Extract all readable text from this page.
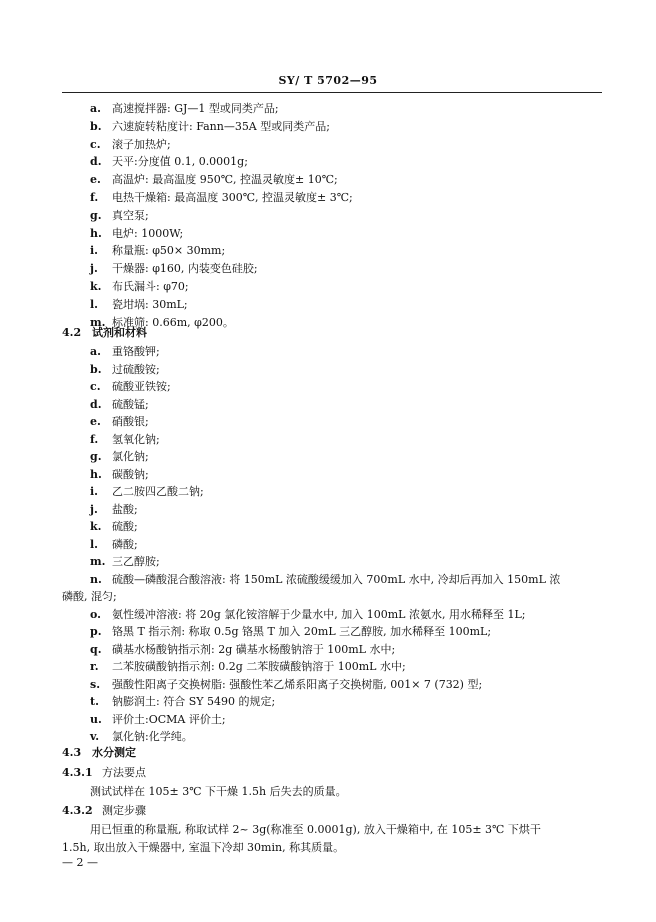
SY/ T 5702—95
a. 高速搅拌器: GJ—1 型或同类产品;
b. 六速旋转粘度计: Fann—35A 型或同类产品;
c. 滚子加热炉;
d. 天平:分度值 0.1, 0.0001g;
e. 高温炉: 最高温度 950℃, 控温灵敏度± 10℃;
f. 电热干燥箱: 最高温度 300℃, 控温灵敏度± 3℃;
g. 真空泵;
h. 电炉: 1000W;
i. 称量瓶: φ50× 30mm;
j. 干燥器: φ160, 内装变色硅胶;
k. 布氏漏斗: φ70;
l. 瓷坩埚: 30mL;
m. 标准筛: 0.66m, φ200。
4.2 试剂和材料
a. 重铬酸钾;
b. 过硫酸铵;
c. 硫酸亚铁铵;
d. 硫酸锰;
e. 硝酸银;
f. 氢氧化钠;
g. 氯化钠;
h. 碳酸钠;
i. 乙二胺四乙酸二钠;
j. 盐酸;
k. 硫酸;
l. 磷酸;
m. 三乙醇胺;
n. 硫酸—磷酸混合酸溶液: 将 150mL 浓硫酸缓缓加入 700mL 水中, 冷却后再加入 150mL 浓
磷酸, 混匀;
o. 氨性缓冲溶液: 将 20g 氯化铵溶解于少量水中, 加入 100mL 浓氨水, 用水稀释至 1L;
p. 铬黑 T 指示剂: 称取 0.5g 铬黑 T 加入 20mL 三乙醇胺, 加水稀释至 100mL;
q. 磺基水杨酸钠指示剂: 2g 磺基水杨酸钠溶于 100mL 水中;
r. 二苯胺磺酸钠指示剂: 0.2g 二苯胺磺酸钠溶于 100mL 水中;
s. 强酸性阳离子交换树脂: 强酸性苯乙烯系阳离子交换树脂, 001× 7 (732) 型;
t. 钠膨润土: 符合 SY 5490 的规定;
u. 评价土:OCMA 评价土;
v. 氯化钠:化学纯。
4.3 水分测定
4.3.1 方法要点
测试试样在 105± 3℃ 下干燥 1.5h 后失去的质量。
4.3.2 测定步骤
用已恒重的称量瓶, 称取试样 2~ 3g(称准至 0.0001g), 放入干燥箱中, 在 105± 3℃ 下烘干
1.5h, 取出放入干燥器中, 室温下冷却 30min, 称其质量。
— 2 —
